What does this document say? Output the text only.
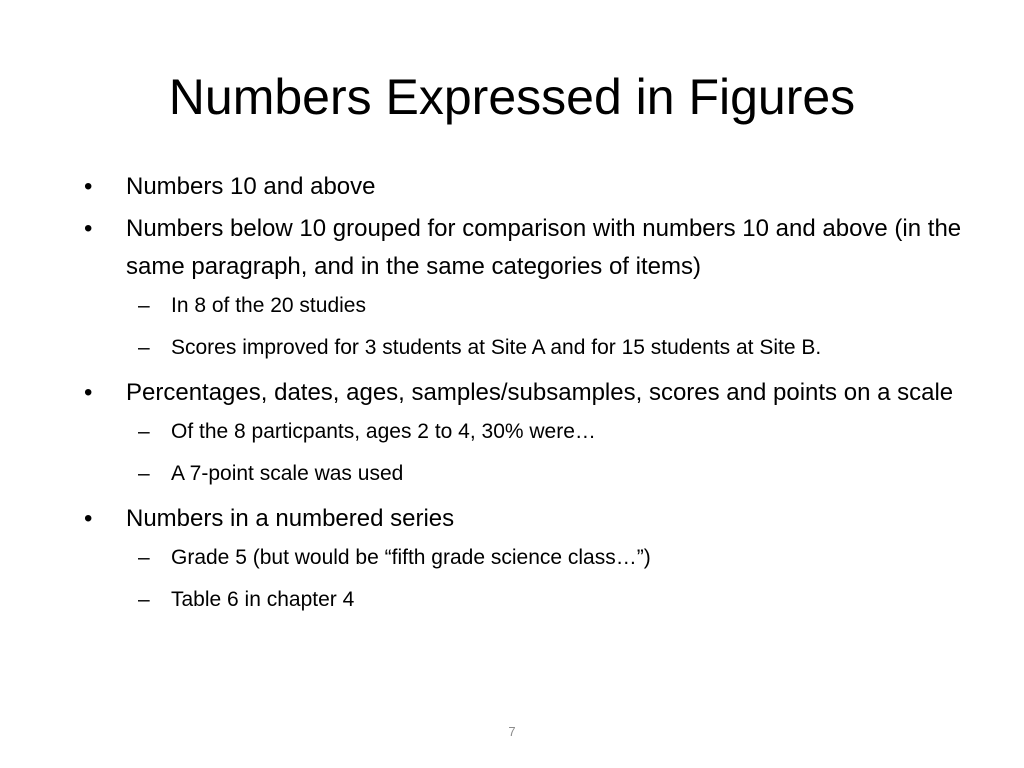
Numbers Expressed in Figures
•	Numbers 10 and above
•	Numbers below 10 grouped for comparison with numbers 10 and above (in the same paragraph, and in the same categories of items)
–	In 8 of the 20 studies
–	Scores improved for 3 students at Site A and for 15 students at Site B.
•	Percentages, dates, ages, samples/subsamples, scores and points on a scale
–	Of the 8 particpants, ages 2 to 4, 30% were…
–	A 7-point scale was used
•	Numbers in a numbered series
–	Grade 5 (but would be “fifth grade science class…”)
–	Table 6 in chapter 4
7
